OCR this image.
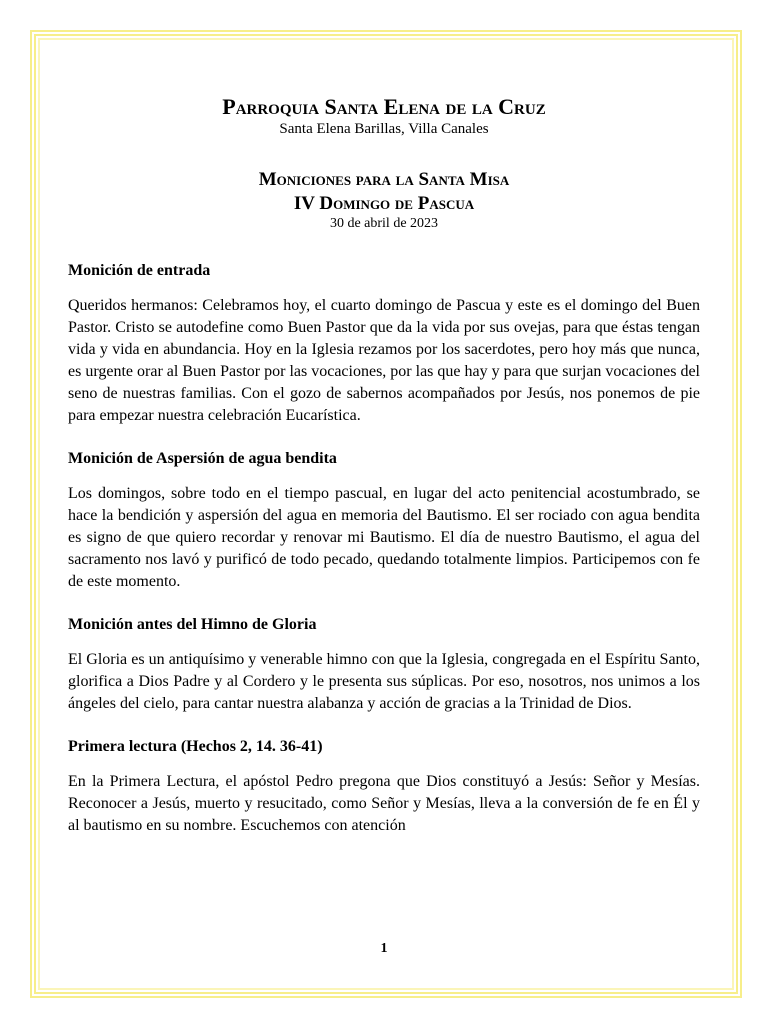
Parroquia Santa Elena de la Cruz

Santa Elena Barillas, Villa Canales

Moniciones para la Santa Misa

IV Domingo de Pascua

30 de abril de 2023

Monición de entrada

Queridos hermanos: Celebramos hoy, el cuarto domingo de Pascua y este es el domingo del Buen Pastor. Cristo se autodefine como Buen Pastor que da la vida por sus ovejas, para que éstas tengan vida y vida en abundancia. Hoy en la Iglesia rezamos por los sacerdotes, pero hoy más que nunca, es urgente orar al Buen Pastor por las vocaciones, por las que hay y para que surjan vocaciones del seno de nuestras familias. Con el gozo de sabernos acompañados por Jesús, nos ponemos de pie para empezar nuestra celebración Eucarística.

Monición de Aspersión de agua bendita

Los domingos, sobre todo en el tiempo pascual, en lugar del acto penitencial acostumbrado, se hace la bendición y aspersión del agua en memoria del Bautismo. El ser rociado con agua bendita es signo de que quiero recordar y renovar mi Bautismo. El día de nuestro Bautismo, el agua del sacramento nos lavó y purificó de todo pecado, quedando totalmente limpios. Participemos con fe de este momento.

Monición antes del Himno de Gloria

El Gloria es un antiquísimo y venerable himno con que la Iglesia, congregada en el Espíritu Santo, glorifica a Dios Padre y al Cordero y le presenta sus súplicas. Por eso, nosotros, nos unimos a los ángeles del cielo, para cantar nuestra alabanza y acción de gracias a la Trinidad de Dios.

Primera lectura (Hechos 2, 14. 36-41)

En la Primera Lectura, el apóstol Pedro pregona que Dios constituyó a Jesús: Señor y Mesías. Reconocer a Jesús, muerto y resucitado, como Señor y Mesías, lleva a la conversión de fe en Él y al bautismo en su nombre. Escuchemos con atención

1
